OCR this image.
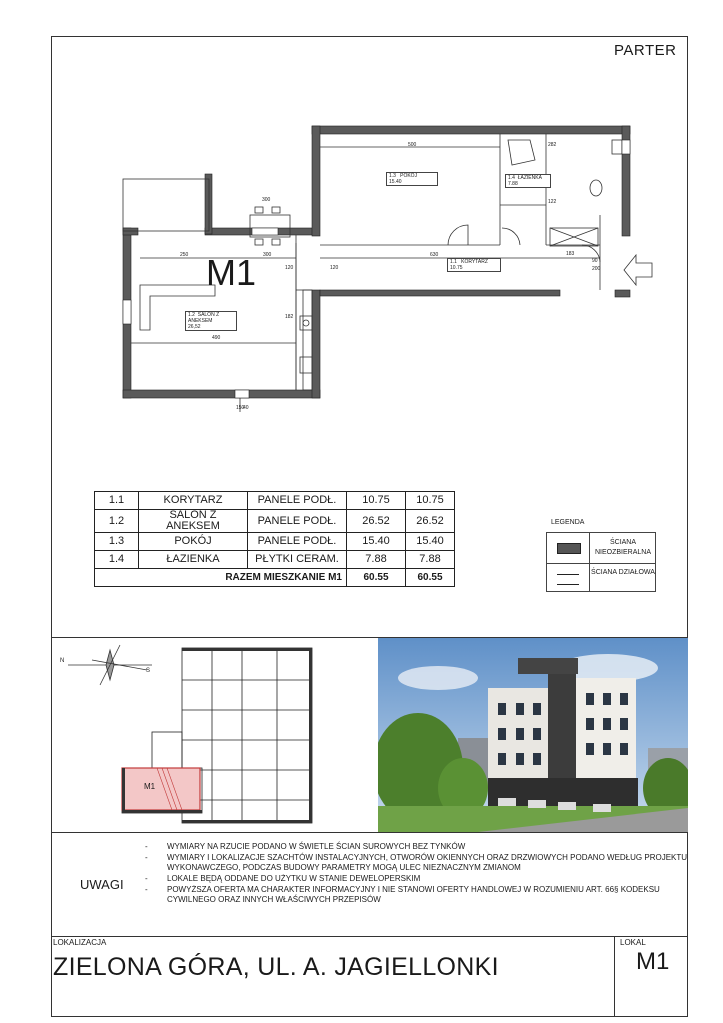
PARTER
M1
1.3 POKÓJ
15.40
1.4 ŁAZIENKA
7.88
1.1 KORYTARZ
10.75
1.2 SALON Z ANEKSEM
26,52
500
630
300
300
250
490
120	120
182
90
183
200
282
122
150
40
1.1	KORYTARZ	PANELE PODŁ.	10.75	10.75
1.2	SALON Z ANEKSEM	PANELE PODŁ.	26.52	26.52
1.3	POKÓJ	PANELE PODŁ.	15.40	15.40
1.4	ŁAZIENKA	PŁYTKI CERAM.	7.88	7.88
RAZEM MIESZKANIE M1			60.55	60.55
LEGENDA
ŚCIANA NIEOZBIERALNA
ŚCIANA DZIAŁOWA
N
S
M1
UWAGI
- WYMIARY NA RZUCIE PODANO W ŚWIETLE ŚCIAN SUROWYCH BEZ TYNKÓW
- WYMIARY I LOKALIZACJE SZACHTÓW INSTALACYJNYCH, OTWORÓW OKIENNYCH ORAZ DRZWIOWYCH PODANO WEDŁUG PROJEKTU WYKONAWCZEGO, PODCZAS BUDOWY PARAMETRY MOGĄ ULEC NIEZNACZNYM ZMIANOM
- LOKALE BĘDĄ ODDANE DO UŻYTKU W STANIE DEWELOPERSKIM
- POWYŻSZA OFERTA MA CHARAKTER INFORMACYJNY I NIE STANOWI OFERTY HANDLOWEJ W ROZUMIENIU ART. 66§ KODEKSU CYWILNEGO ORAZ INNYCH WŁAŚCIWYCH PRZEPISÓW
LOKALIZACJA
ZIELONA GÓRA, UL. A. JAGIELLONKI
LOKAL
M1
